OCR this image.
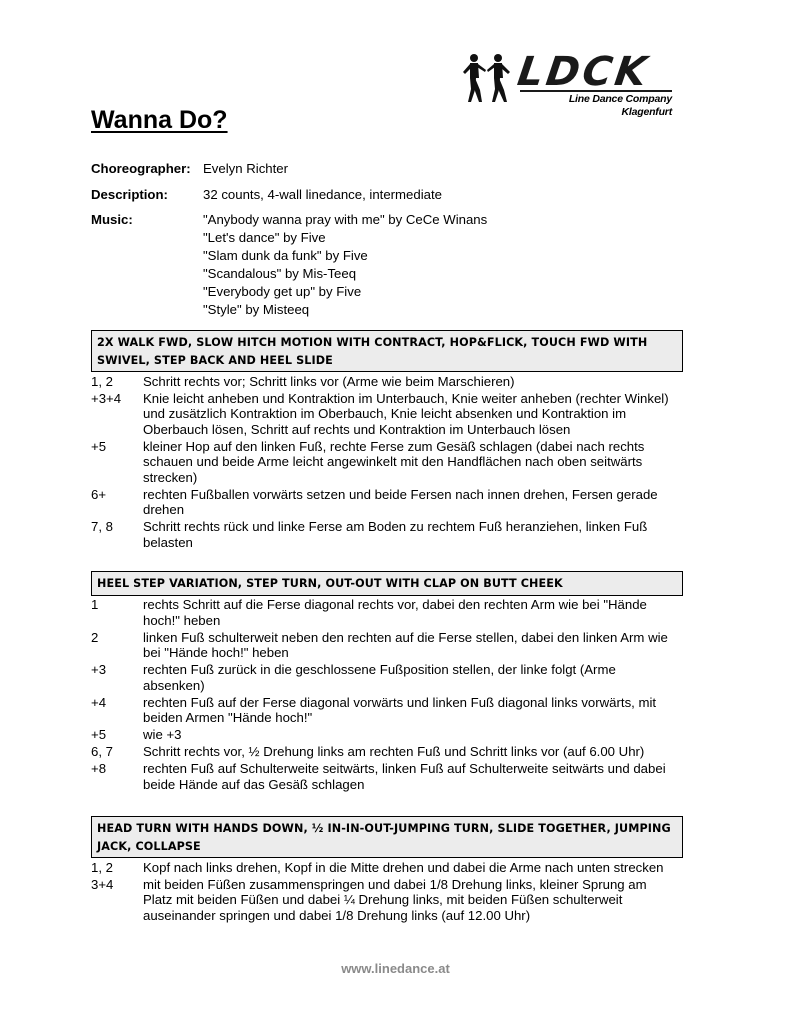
LDCK
Line Dance Company Klagenfurt
Wanna Do?
Choreographer: Evelyn Richter
Description:	32 counts, 4-wall linedance, intermediate
Music:	"Anybody wanna pray with me" by CeCe Winans
"Let's dance" by Five
"Slam dunk da funk" by Five
"Scandalous" by Mis-Teeq
"Everybody get up" by Five
"Style" by Misteeq
2X WALK FWD, SLOW HITCH MOTION WITH CONTRACT, HOP&FLICK, TOUCH FWD WITH SWIVEL, STEP BACK AND HEEL SLIDE
1, 2	Schritt rechts vor; Schritt links vor (Arme wie beim Marschieren)
+3+4	Knie leicht anheben und Kontraktion im Unterbauch, Knie weiter anheben (rechter Winkel) und zusätzlich Kontraktion im Oberbauch, Knie leicht absenken und Kontraktion im Oberbauch lösen, Schritt auf rechts und Kontraktion im Unterbauch lösen
+5	kleiner Hop auf den linken Fuß, rechte Ferse zum Gesäß schlagen (dabei nach rechts schauen und beide Arme leicht angewinkelt mit den Handflächen nach oben seitwärts strecken)
6+	rechten Fußballen vorwärts setzen und beide Fersen nach innen drehen, Fersen gerade drehen
7, 8	Schritt rechts rück und linke Ferse am Boden zu rechtem Fuß heranziehen, linken Fuß belasten
HEEL STEP VARIATION, STEP TURN, OUT-OUT WITH CLAP ON BUTT CHEEK
1	rechts Schritt auf die Ferse diagonal rechts vor, dabei den rechten Arm wie bei "Hände hoch!" heben
2	linken Fuß schulterweit neben den rechten auf die Ferse stellen, dabei den linken Arm wie bei "Hände hoch!" heben
+3	rechten Fuß zurück in die geschlossene Fußposition stellen, der linke folgt (Arme absenken)
+4	rechten Fuß auf der Ferse diagonal vorwärts und linken Fuß diagonal links vorwärts, mit beiden Armen "Hände hoch!"
+5	wie +3
6, 7	Schritt rechts vor, ½ Drehung links am rechten Fuß und Schritt links vor (auf 6.00 Uhr)
+8	rechten Fuß auf Schulterweite seitwärts, linken Fuß auf Schulterweite seitwärts und dabei beide Hände auf das Gesäß schlagen
HEAD TURN WITH HANDS DOWN, ½ IN-IN-OUT-JUMPING TURN, SLIDE TOGETHER, JUMPING JACK, COLLAPSE
1, 2	Kopf nach links drehen, Kopf in die Mitte drehen und dabei die Arme nach unten strecken
3+4	mit beiden Füßen zusammenspringen und dabei 1/8 Drehung links, kleiner Sprung am Platz mit beiden Füßen und dabei ¼ Drehung links, mit beiden Füßen schulterweit auseinander springen und dabei 1/8 Drehung links (auf 12.00 Uhr)
www.linedance.at
